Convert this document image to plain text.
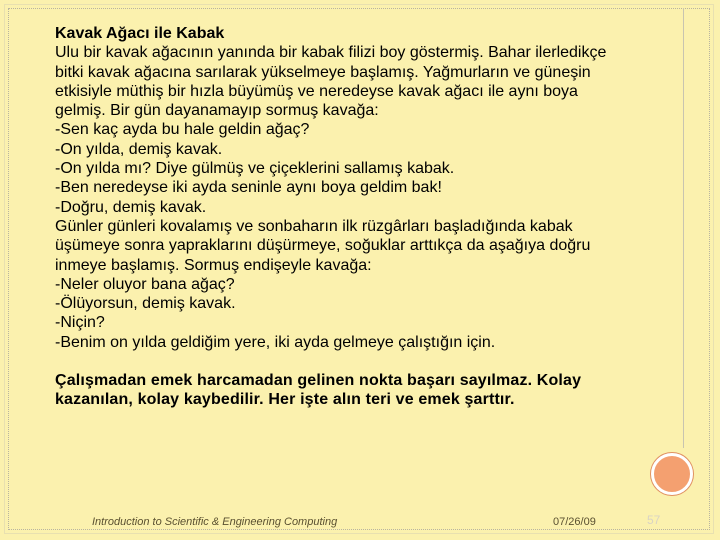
Kavak Ağacı ile Kabak
Ulu bir kavak ağacının yanında bir kabak filizi boy göstermiş. Bahar ilerledikçe
bitki kavak ağacına sarılarak yükselmeye başlamış. Yağmurların ve güneşin
etkisiyle müthiş bir hızla büyümüş ve neredeyse kavak ağacı ile aynı boya
gelmiş. Bir gün dayanamayıp sormuş kavağa:
-Sen kaç ayda bu hale geldin ağaç?
-On yılda, demiş kavak.
-On yılda mı? Diye gülmüş ve çiçeklerini sallamış kabak.
-Ben neredeyse iki ayda seninle aynı boya geldim bak!
-Doğru, demiş kavak.
Günler günleri kovalamış ve sonbaharın ilk rüzgârları başladığında kabak
üşümeye sonra yapraklarını düşürmeye, soğuklar arttıkça da aşağıya doğru
inmeye başlamış. Sormuş endişeyle kavağa:
-Neler oluyor bana ağaç?
-Ölüyorsun, demiş kavak.
-Niçin?
-Benim on yılda geldiğim yere, iki ayda gelmeye çalıştığın için.
Çalışmadan emek harcamadan gelinen nokta başarı sayılmaz. Kolay
kazanılan, kolay kaybedilir. Her işte alın teri ve emek şarttır.
Introduction to Scientific & Engineering Computing	07/26/09	57
